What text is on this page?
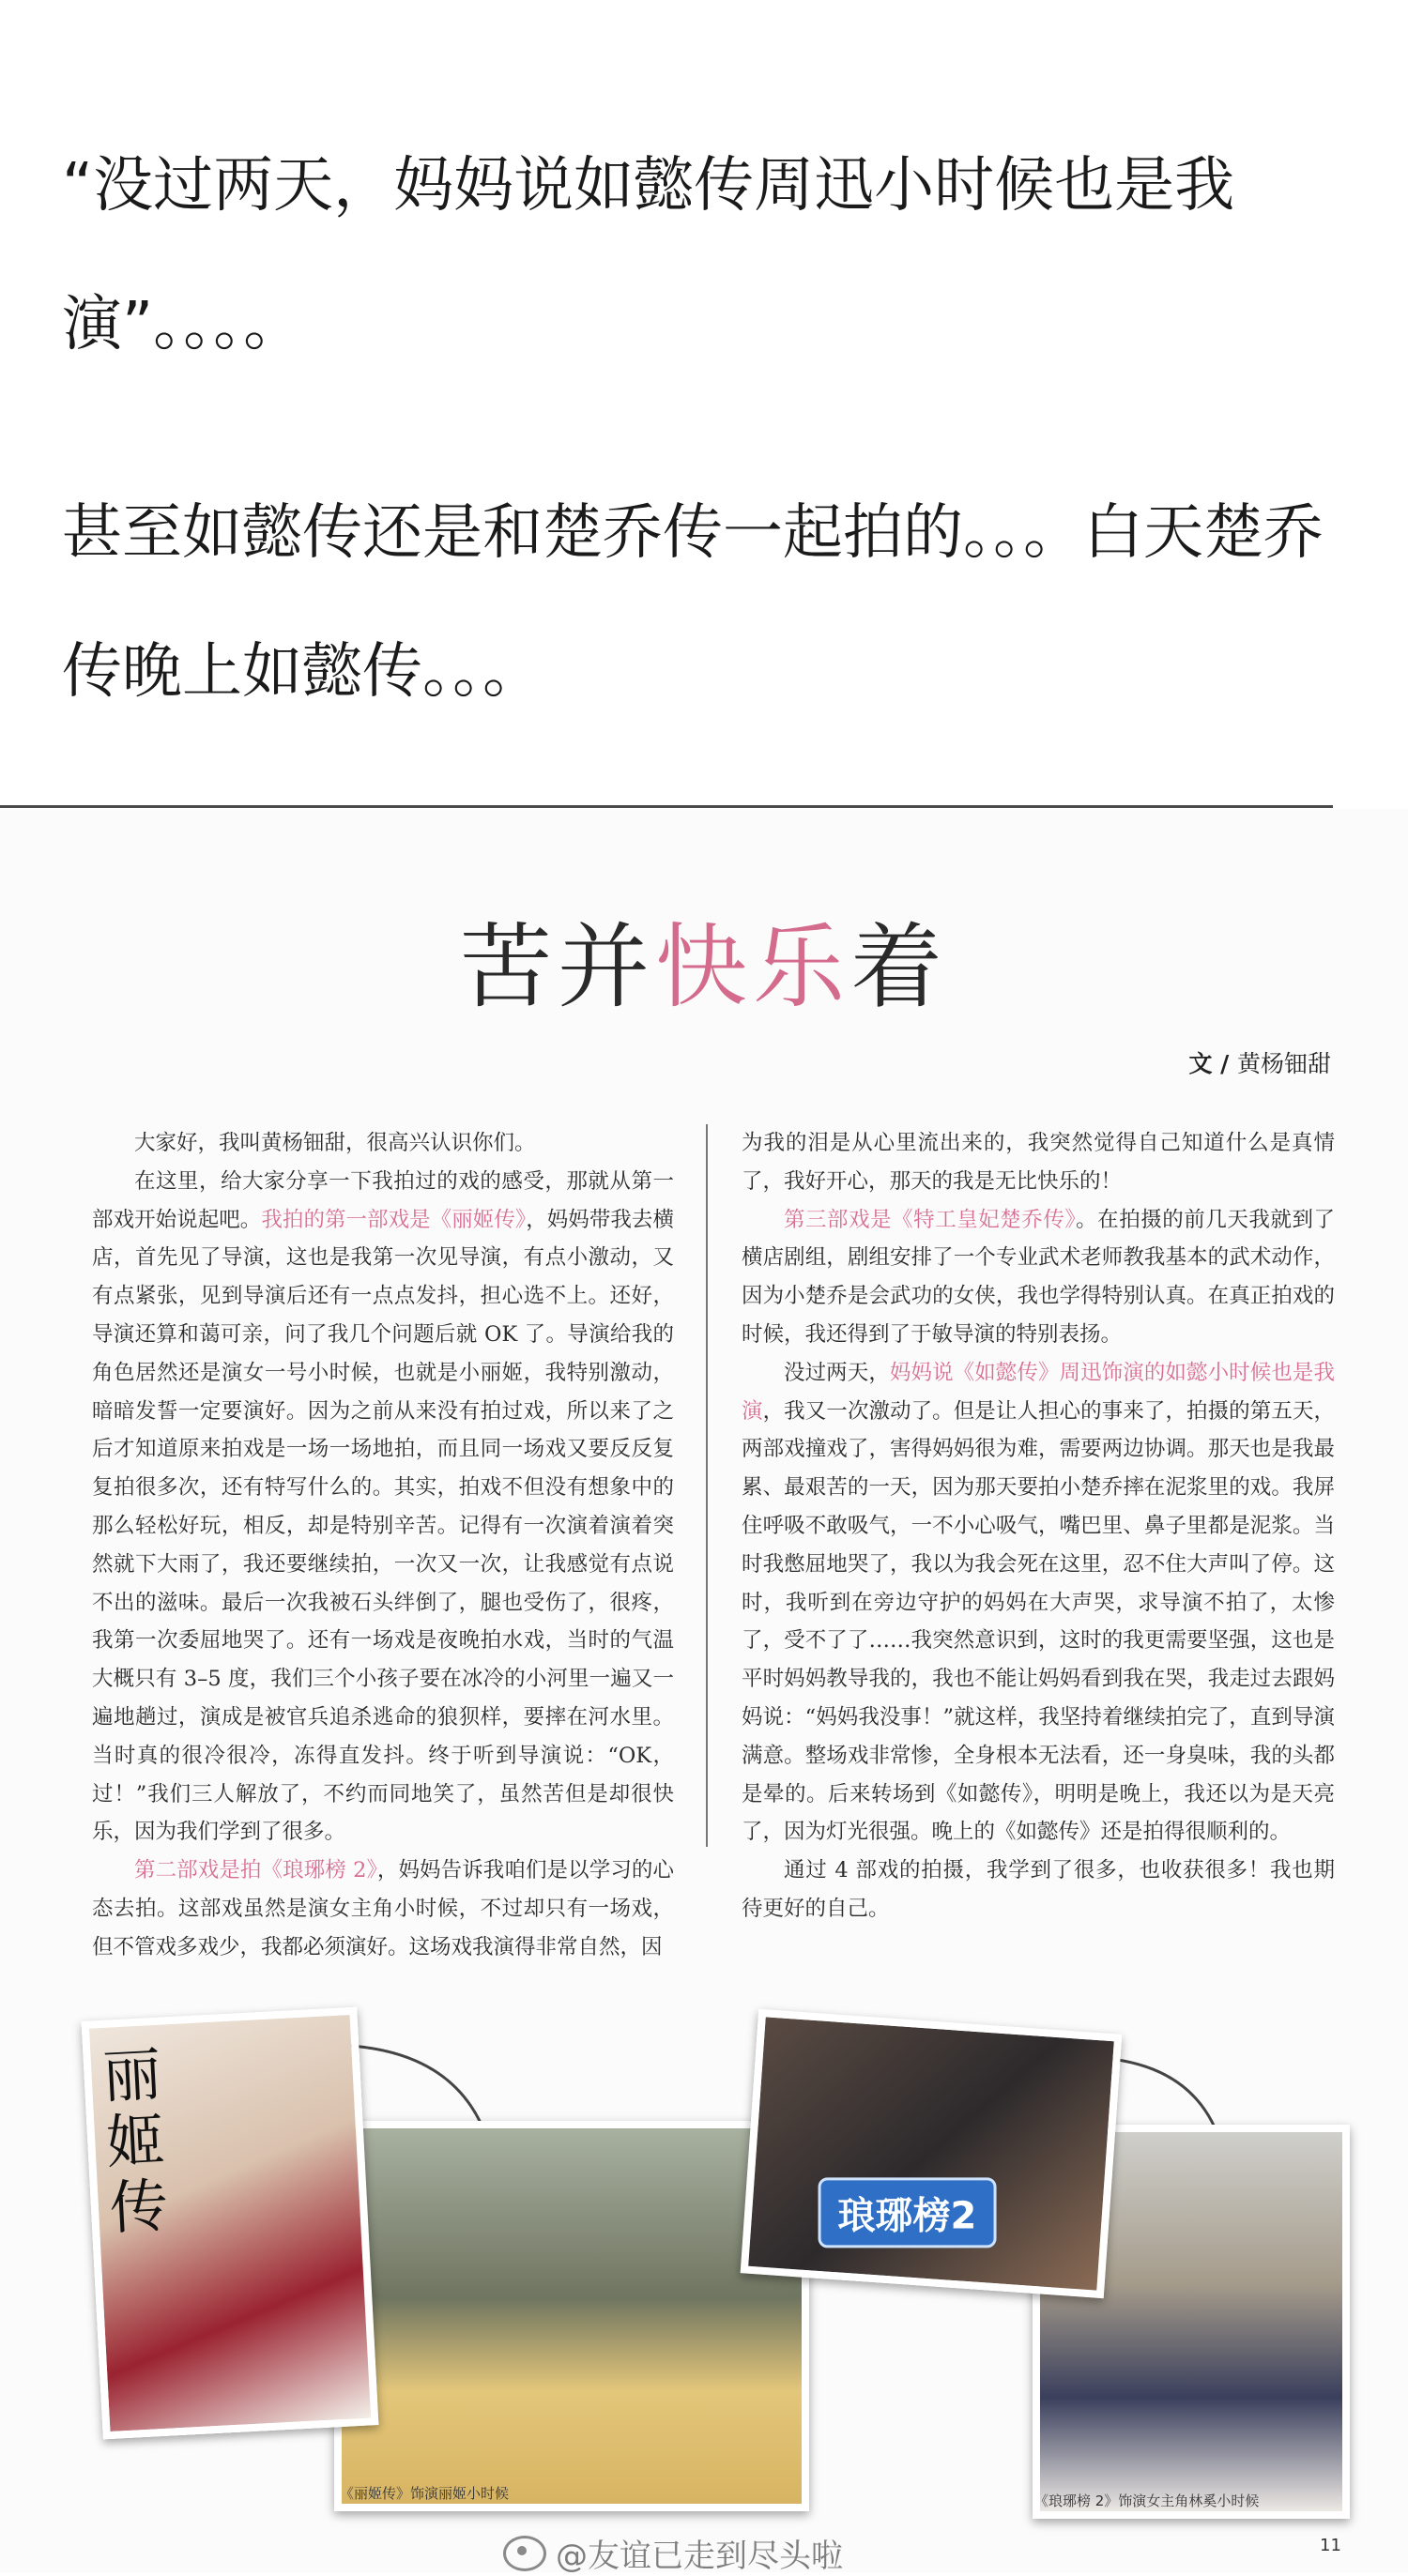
“没过两天，妈妈说如懿传周迅小时候也是我演”。。。。

甚至如懿传还是和楚乔传一起拍的。。。白天楚乔传晚上如懿传。。。

苦并快乐着
文 / 黄杨钿甜

大家好，我叫黄杨钿甜，很高兴认识你们。

在这里，给大家分享一下我拍过的戏的感受，那就从第一部戏开始说起吧。我拍的第一部戏是《丽姬传》，妈妈带我去横店，首先见了导演，这也是我第一次见导演，有点小激动，又有点紧张，见到导演后还有一点点发抖，担心选不上。还好，导演还算和蔼可亲，问了我几个问题后就 OK 了。导演给我的角色居然还是演女一号小时候，也就是小丽姬，我特别激动，暗暗发誓一定要演好。因为之前从来没有拍过戏，所以来了之后才知道原来拍戏是一场一场地拍，而且同一场戏又要反反复复拍很多次，还有特写什么的。其实，拍戏不但没有想象中的那么轻松好玩，相反，却是特别辛苦。记得有一次演着演着突然就下大雨了，我还要继续拍，一次又一次，让我感觉有点说不出的滋味。最后一次我被石头绊倒了，腿也受伤了，很疼，我第一次委屈地哭了。还有一场戏是夜晚拍水戏，当时的气温大概只有 3–5 度，我们三个小孩子要在冰冷的小河里一遍又一遍地趟过，演成是被官兵追杀逃命的狼狈样，要摔在河水里。当时真的很冷很冷，冻得直发抖。终于听到导演说：“OK，过！”我们三人解放了，不约而同地笑了，虽然苦但是却很快乐，因为我们学到了很多。

第二部戏是拍《琅琊榜 2》，妈妈告诉我咱们是以学习的心态去拍。这部戏虽然是演女主角小时候，不过却只有一场戏，但不管戏多戏少，我都必须演好。这场戏我演得非常自然，因

为我的泪是从心里流出来的，我突然觉得自己知道什么是真情了，我好开心，那天的我是无比快乐的！

第三部戏是《特工皇妃楚乔传》。在拍摄的前几天我就到了横店剧组，剧组安排了一个专业武术老师教我基本的武术动作，因为小楚乔是会武功的女侠，我也学得特别认真。在真正拍戏的时候，我还得到了于敏导演的特别表扬。

没过两天，妈妈说《如懿传》周迅饰演的如懿小时候也是我演，我又一次激动了。但是让人担心的事来了，拍摄的第五天，两部戏撞戏了，害得妈妈很为难，需要两边协调。那天也是我最累、最艰苦的一天，因为那天要拍小楚乔摔在泥浆里的戏。我屏住呼吸不敢吸气，一不小心吸气，嘴巴里、鼻子里都是泥浆。当时我憋屈地哭了，我以为我会死在这里，忍不住大声叫了停。这时，我听到在旁边守护的妈妈在大声哭，求导演不拍了，太惨了，受不了了……我突然意识到，这时的我更需要坚强，这也是平时妈妈教导我的，我也不能让妈妈看到我在哭，我走过去跟妈妈说：“妈妈我没事！”就这样，我坚持着继续拍完了，直到导演满意。整场戏非常惨，全身根本无法看，还一身臭味，我的头都是晕的。后来转场到《如懿传》，明明是晚上，我还以为是天亮了，因为灯光很强。晚上的《如懿传》还是拍得很顺利的。

通过 4 部戏的拍摄，我学到了很多，也收获很多！我也期待更好的自己。

丽姬传	琅琊榜2
《丽姬传》饰演丽姬小时候	《琅琊榜 2》饰演女主角林奚小时候
@友谊已走到尽头啦	11
